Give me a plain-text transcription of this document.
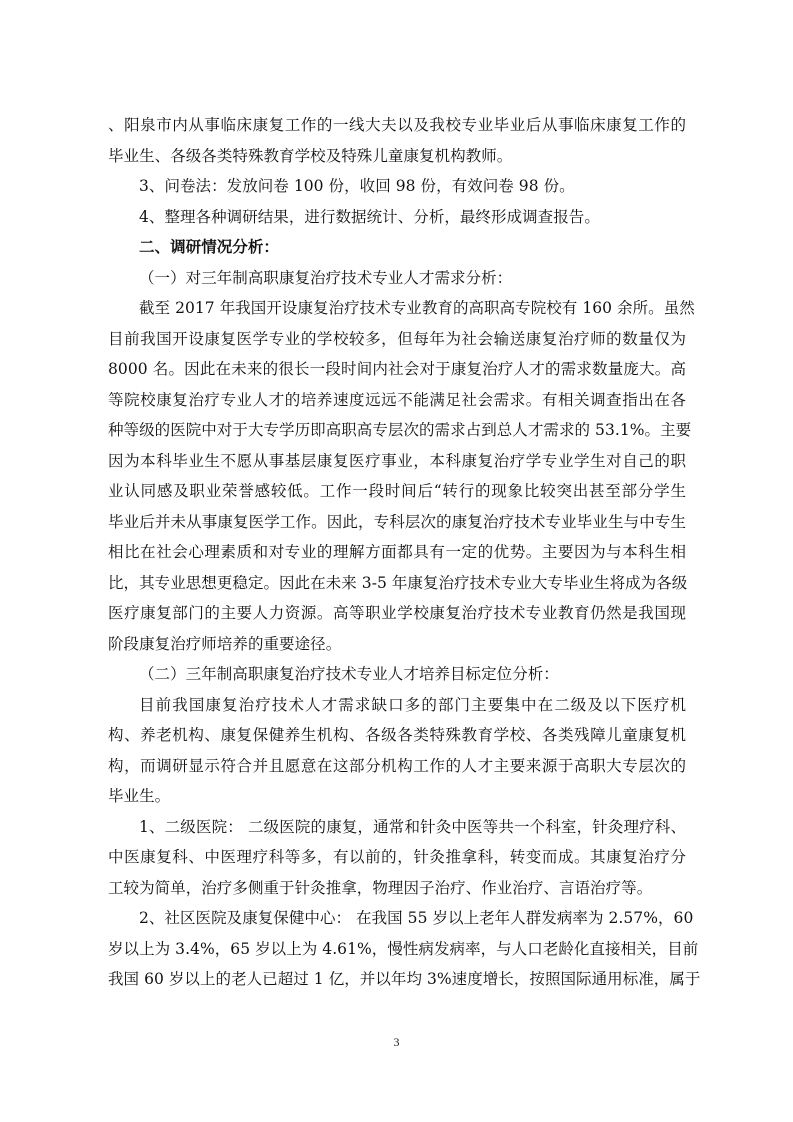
、阳泉市内从事临床康复工作的一线大夫以及我校专业毕业后从事临床康复工作的
毕业生、各级各类特殊教育学校及特殊儿童康复机构教师。
3、问卷法：发放问卷 100 份，收回 98 份，有效问卷 98 份。
4、整理各种调研结果，进行数据统计、分析，最终形成调查报告。
二、调研情况分析：
（一）对三年制高职康复治疗技术专业人才需求分析：
截至 2017 年我国开设康复治疗技术专业教育的高职高专院校有 160 余所。虽然
目前我国开设康复医学专业的学校较多，但每年为社会输送康复治疗师的数量仅为
8000 名。因此在未来的很长一段时间内社会对于康复治疗人才的需求数量庞大。高
等院校康复治疗专业人才的培养速度远远不能满足社会需求。有相关调查指出在各
种等级的医院中对于大专学历即高职高专层次的需求占到总人才需求的 53.1%。主要
因为本科毕业生不愿从事基层康复医疗事业，本科康复治疗学专业学生对自己的职
业认同感及职业荣誉感较低。工作一段时间后“转行的现象比较突出甚至部分学生
毕业后并未从事康复医学工作。因此，专科层次的康复治疗技术专业毕业生与中专生
相比在社会心理素质和对专业的理解方面都具有一定的优势。主要因为与本科生相
比，其专业思想更稳定。因此在未来 3-5 年康复治疗技术专业大专毕业生将成为各级
医疗康复部门的主要人力资源。高等职业学校康复治疗技术专业教育仍然是我国现
阶段康复治疗师培养的重要途径。
（二）三年制高职康复治疗技术专业人才培养目标定位分析：
目前我国康复治疗技术人才需求缺口多的部门主要集中在二级及以下医疗机
构、养老机构、康复保健养生机构、各级各类特殊教育学校、各类残障儿童康复机
构，而调研显示符合并且愿意在这部分机构工作的人才主要来源于高职大专层次的
毕业生。
1、二级医院： 二级医院的康复，通常和针灸中医等共一个科室，针灸理疗科、
中医康复科、中医理疗科等多，有以前的，针灸推拿科，转变而成。其康复治疗分
工较为简单，治疗多侧重于针灸推拿，物理因子治疗、作业治疗、言语治疗等。
2、社区医院及康复保健中心： 在我国 55 岁以上老年人群发病率为 2.57%，60
岁以上为 3.4%，65 岁以上为 4.61%，慢性病发病率，与人口老龄化直接相关，目前
我国 60 岁以上的老人已超过 1 亿，并以年均 3%速度增长，按照国际通用标准，属于
3
